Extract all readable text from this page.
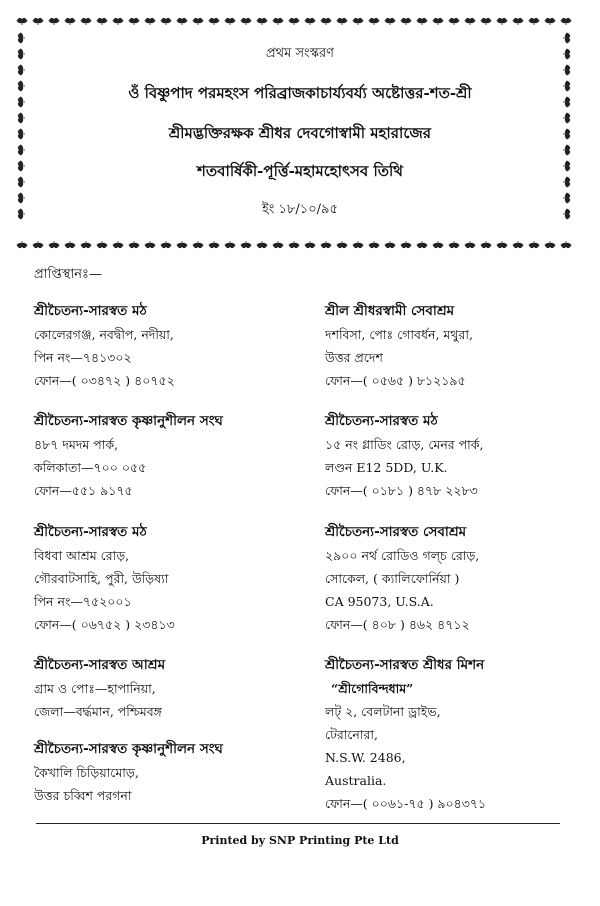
প্রথম সংস্করণ
ওঁ বিষ্ণুপাদ পরমহংস পরিব্রাজকাচার্য্যবর্য্য অষ্টোত্তর-শত-শ্রী
শ্রীমদ্ভক্তিরক্ষক শ্রীধর দেবগোস্বামী মহারাজের
শতবার্ষিকী-পূর্ত্তি-মহামহোৎসব তিথি
ইং ১৮/১০/৯৫
প্রাপ্তিস্থানঃ—
শ্রীচৈতন্য-সারস্বত মঠ
কোলেরগঞ্জ, নবদ্বীপ, নদীয়া,
পিন নং—৭৪১৩০২
ফোন—( ০৩৪৭২ ) ৪০৭৫২
শ্রীচৈতন্য-সারস্বত কৃষ্ণানুশীলন সংঘ
৪৮৭ দমদম পার্ক,
কলিকাতা—৭০০ ০৫৫
ফোন—৫৫১ ৯১৭৫
শ্রীচৈতন্য-সারস্বত মঠ
বিধবা আশ্রম রোড়,
গৌরবাটসাহি, পুরী, উড়িষ্যা
পিন নং—৭৫২০০১
ফোন—( ০৬৭৫২ ) ২৩৪১৩
শ্রীচৈতন্য-সারস্বত আশ্রম
গ্রাম ও পোঃ—হাপানিয়া,
জেলা—বর্দ্ধমান, পশ্চিমবঙ্গ
শ্রীচৈতন্য-সারস্বত কৃষ্ণানুশীলন সংঘ
কৈখালি চিড়িয়ামোড়,
উত্তর চব্বিশ পরগনা
শ্রীল শ্রীধরস্বামী সেবাশ্রম
দশবিসা, পোঃ গোবর্ধন, মথুরা,
উত্তর প্রদেশ
ফোন—( ০৫৬৫ ) ৮১২১৯৫
শ্রীচৈতন্য-সারস্বত মঠ
১৫ নং গ্লাডিং রোড়, মেনর পার্ক,
লণ্ডন E12 5DD, U.K.
ফোন—( ০১৮১ ) ৪৭৮ ২২৮৩
শ্রীচৈতন্য-সারস্বত সেবাশ্রম
২৯০০ নর্থ রোডিও গল্চ রোড়,
সোকেল, ( ক্যালিফোর্নিয়া )
CA 95073, U.S.A.
ফোন—( ৪০৮ ) ৪৬২ ৪৭১২
শ্রীচৈতন্য-সারস্বত শ্রীধর মিশন
“শ্রীগোবিন্দধাম”
লট্ ২, বেলটানা ড্রাইভ,
টেরানোরা,
N.S.W. 2486,
Australia.
ফোন—( ০০৬১-৭৫ ) ৯০৪৩৭১
Printed by SNP Printing Pte Ltd
